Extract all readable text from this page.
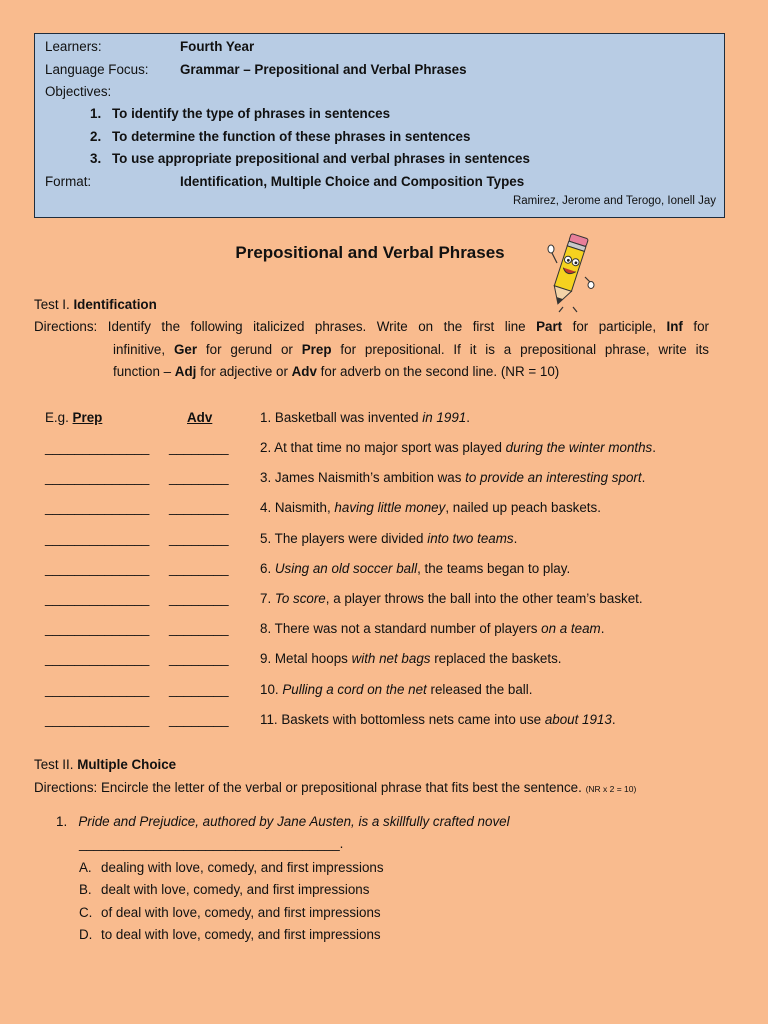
Learners:	Fourth Year
Language Focus: Grammar – Prepositional and Verbal Phrases
Objectives:
1. To identify the type of phrases in sentences
2. To determine the function of these phrases in sentences
3. To use appropriate prepositional and verbal phrases in sentences
Format:	Identification, Multiple Choice and Composition Types
Ramirez, Jerome and Terogo, Ionell Jay
Prepositional and Verbal Phrases
Test I. Identification
Directions: Identify the following italicized phrases. Write on the first line Part for participle, Inf for
infinitive, Ger for gerund or Prep for prepositional. If it is a prepositional phrase, write its
function – Adj for adjective or Adv for adverb on the second line. (NR = 10)
E.g. Prep	Adv	1. Basketball was invented in 1991.
______________ ________ 2. At that time no major sport was played during the winter months.
______________ ________ 3. James Naismith’s ambition was to provide an interesting sport.
______________ ________ 4. Naismith, having little money, nailed up peach baskets.
______________ ________ 5. The players were divided into two teams.
______________ ________ 6. Using an old soccer ball, the teams began to play.
______________ ________ 7. To score, a player throws the ball into the other team’s basket.
______________ ________ 8. There was not a standard number of players on a team.
______________ ________ 9. Metal hoops with net bags replaced the baskets.
______________ ________ 10. Pulling a cord on the net released the ball.
______________ ________ 11. Baskets with bottomless nets came into use about 1913.
Test II. Multiple Choice
Directions: Encircle the letter of the verbal or prepositional phrase that fits best the sentence. (NR x 2 = 10)
1. Pride and Prejudice, authored by Jane Austen, is a skillfully crafted novel
___________________________________.
A. dealing with love, comedy, and first impressions
B. dealt with love, comedy, and first impressions
C. of deal with love, comedy, and first impressions
D. to deal with love, comedy, and first impressions
